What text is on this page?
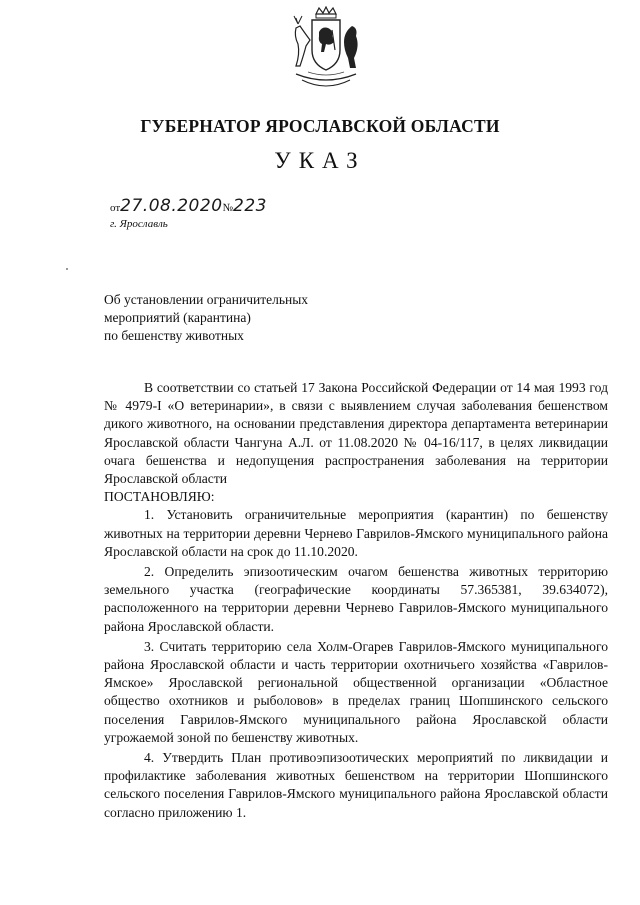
ГУБЕРНАТОР ЯРОСЛАВСКОЙ ОБЛАСТИ
УКАЗ
от27.08.2020№223
г. Ярославль
Об установлении ограничительных
мероприятий (карантина)
по бешенству животных

В соответствии со статьей 17 Закона Российской Федерации от 14 мая 1993 год № 4979-I «О ветеринарии», в связи с выявлением случая заболевания бешенством дикого животного, на основании представления директора департамента ветеринарии Ярославской области Чангуна А.Л. от 11.08.2020 № 04-16/117, в целях ликвидации очага бешенства и недопущения распространения заболевания на территории Ярославской области

ПОСТАНОВЛЯЮ:

1. Установить ограничительные мероприятия (карантин) по бешенству животных на территории деревни Чернево Гаврилов-Ямского муниципального района Ярославской области на срок до 11.10.2020.

2. Определить эпизоотическим очагом бешенства животных территорию земельного участка (географические координаты 57.365381, 39.634072), расположенного на территории деревни Чернево Гаврилов-Ямского муниципального района Ярославской области.

3. Считать территорию села Холм-Огарев Гаврилов-Ямского муниципального района Ярославской области и часть территории охотничьего хозяйства «Гаврилов-Ямское» Ярославской региональной общественной организации «Областное общество охотников и рыболовов» в пределах границ Шопшинского сельского поселения Гаврилов-Ямского муниципального района Ярославской области угрожаемой зоной по бешенству животных.

4. Утвердить План противоэпизоотических мероприятий по ликвидации и профилактике заболевания животных бешенством на территории Шопшинского сельского поселения Гаврилов-Ямского муниципального района Ярославской области согласно приложению 1.
